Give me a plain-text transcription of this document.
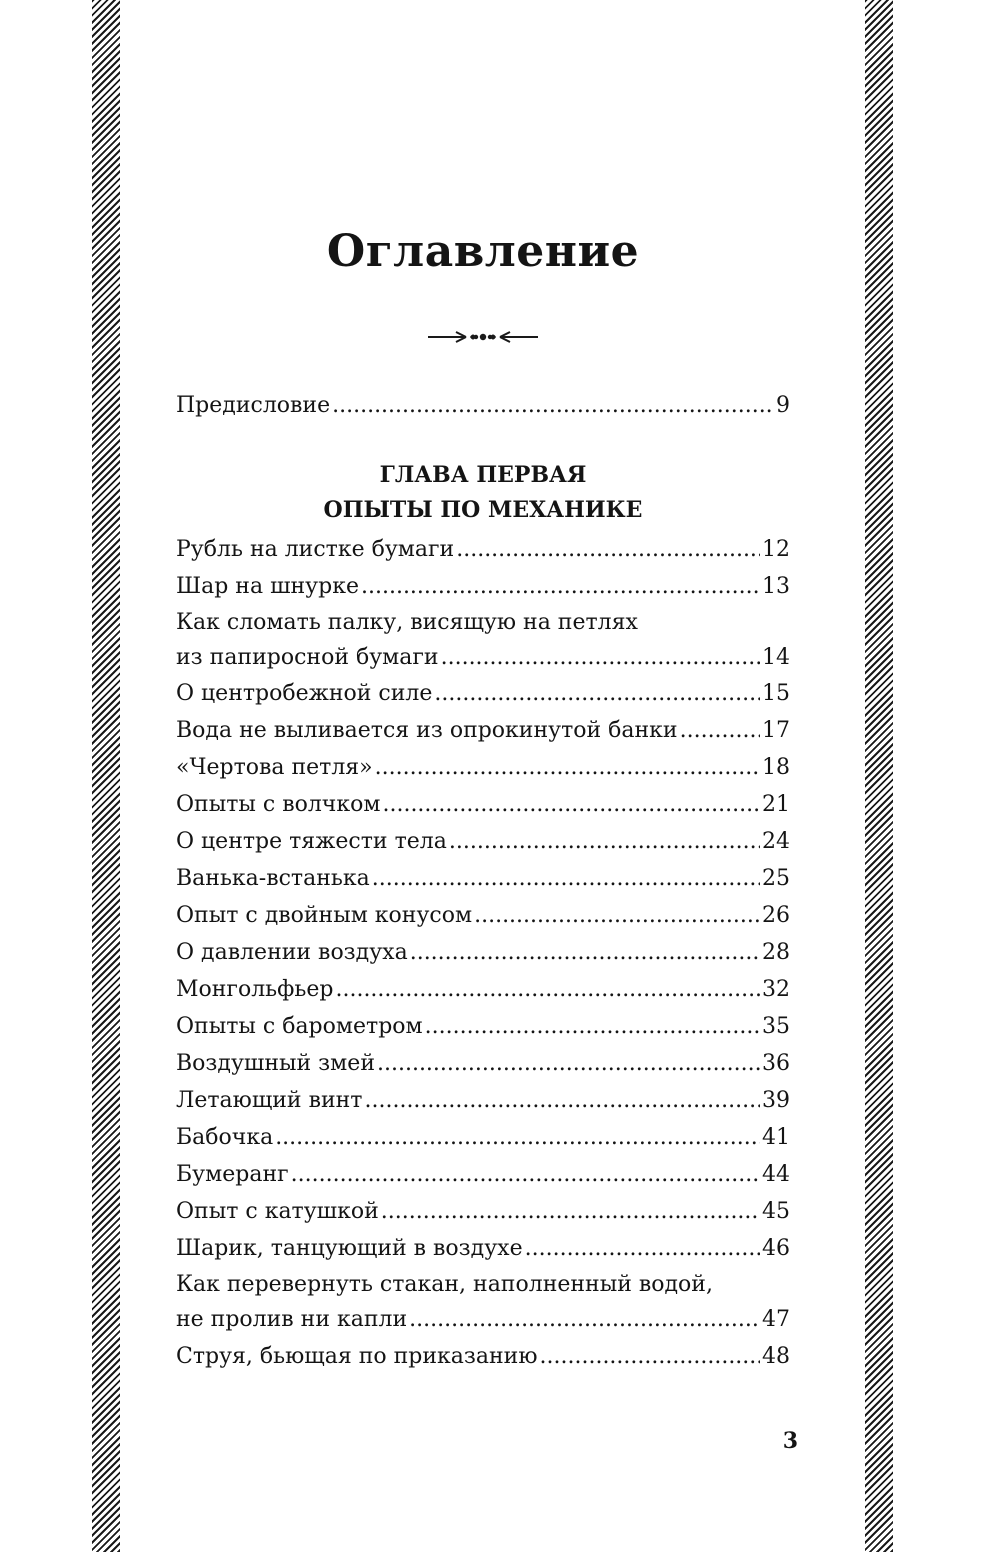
Оглавление
Предисловие .....	9
ГЛАВА ПЕРВАЯ
ОПЫТЫ ПО МЕХАНИКЕ
Рубль на листке бумаги .....	12
Шар на шнурке .....	13
Как сломать палку, висящую на петлях
из папиросной бумаги .....	14
О центробежной силе .....	15
Вода не выливается из опрокинутой банки .....	17
«Чертова петля» .....	18
Опыты с волчком .....	21
О центре тяжести тела .....	24
Ванька-встанька .....	25
Опыт с двойным конусом .....	26
О давлении воздуха .....	28
Монгольфьер .....	32
Опыты с барометром .....	35
Воздушный змей .....	36
Летающий винт .....	39
Бабочка .....	41
Бумеранг .....	44
Опыт с катушкой .....	45
Шарик, танцующий в воздухе .....	46
Как перевернуть стакан, наполненный водой,
не пролив ни капли .....	47
Струя, бьющая по приказанию .....	48
3
